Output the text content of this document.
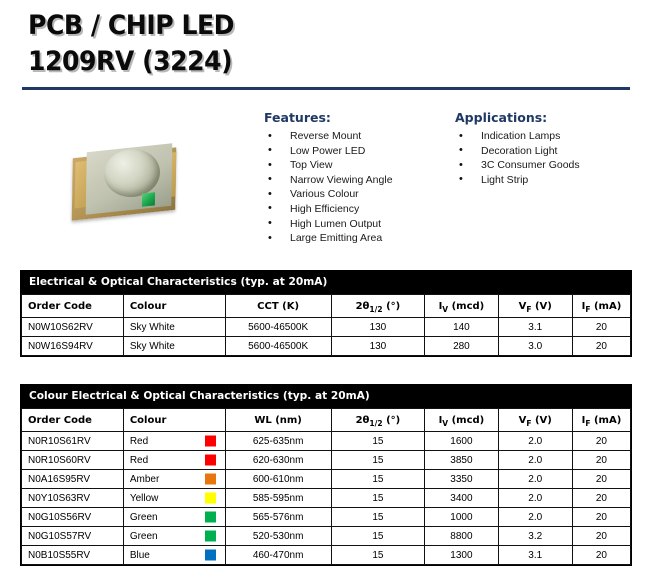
PCB / CHIP LED
1209RV (3224)
Features:
• Reverse Mount
• Low Power LED
• Top View
• Narrow Viewing Angle
• Various Colour
• High Efficiency
• High Lumen Output
• Large Emitting Area
Applications:
• Indication Lamps
• Decoration Light
• 3C Consumer Goods
• Light Strip
Electrical & Optical Characteristics (typ. at 20mA)
Order Code	Colour	CCT (K)	$2\theta_{1/2}$ (°)	$I_V$ (mcd)	$V_F$ (V)	$I_F$ (mA)	
N0W10S62RV	Sky White	5600-46500K	130	140	3.1	20	
N0W16S94RV	Sky White	5600-46500K	130	280	3.0	20	
Colour Electrical & Optical Characteristics (typ. at 20mA)
Order Code	Colour	WL (nm)	$2\theta_{1/2}$ (°)	$I_V$ (mcd)	$V_F$ (V)	$I_F$ (mA)	
N0R10S61RV	Red	625-635nm	15	1600	2.0	20	
N0R10S60RV	Red	620-630nm	15	3850	2.0	20	
N0A16S95RV	Amber	600-610nm	15	3350	2.0	20	
N0Y10S63RV	Yellow	585-595nm	15	3400	2.0	20	
N0G10S56RV	Green	565-576nm	15	1000	2.0	20	
N0G10S57RV	Green	520-530nm	15	8800	3.2	20	
N0B10S55RV	Blue	460-470nm	15	1300	3.1	20	
